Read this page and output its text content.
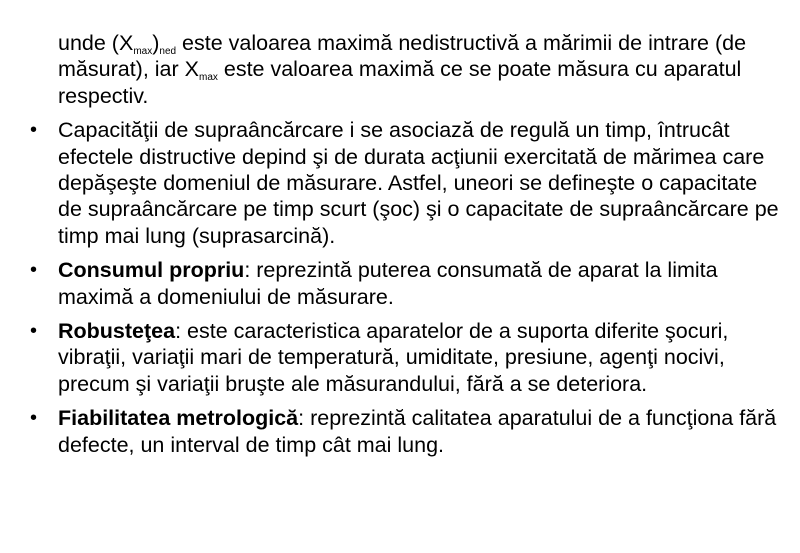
unde $(X_{max})_{ned}$ este valoarea maximă nedistructivă a mărimii de intrare (de măsurat), iar $X_{max}$ este valoarea maximă ce se poate măsura cu aparatul respectiv.
• Capacităţii de supraâncărcare i se asociază de regulă un timp, întrucât efectele distructive depind şi de durata acţiunii exercitată de mărimea care depăşeşte domeniul de măsurare. Astfel, uneori se defineşte o capacitate de supraâncărcare pe timp scurt (şoc) şi o capacitate de supraâncărcare pe timp mai lung (suprasarcină).
• Consumul propriu: reprezintă puterea consumată de aparat la limita maximă a domeniului de măsurare.
• Robusteţea: este caracteristica aparatelor de a suporta diferite şocuri, vibraţii, variaţii mari de temperatură, umiditate, presiune, agenţi nocivi, precum şi variaţii bruşte ale măsurandului, fără a se deteriora.
• Fiabilitatea metrologică: reprezintă calitatea aparatului de a funcţiona fără defecte, un interval de timp cât mai lung.
